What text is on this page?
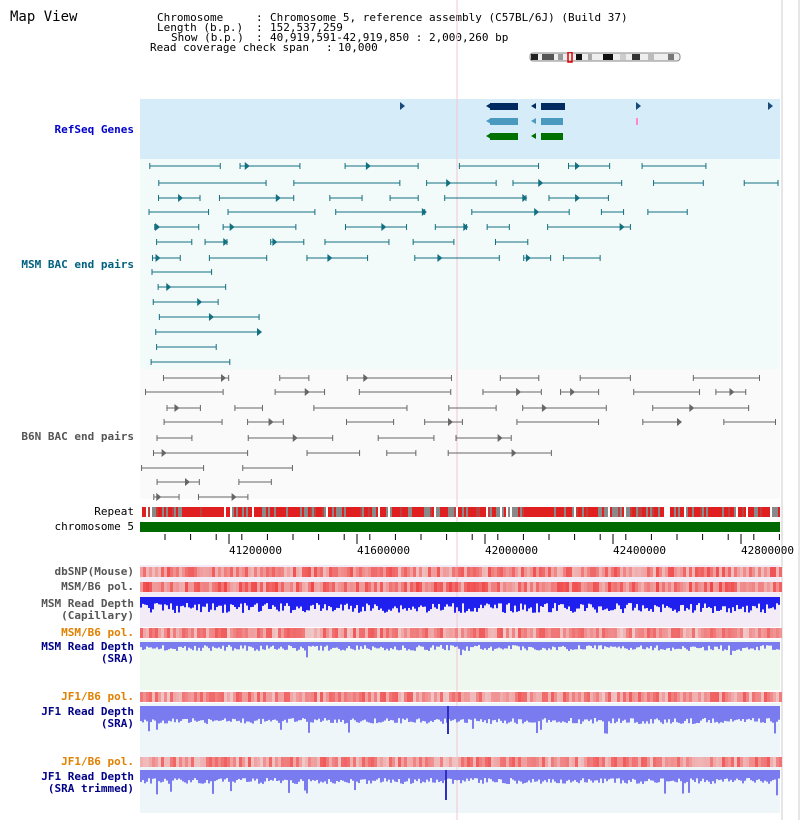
Map View	Chromosome	: Chromosome 5, reference assembly (C57BL/6J) (Build 37)
Length (b.p.) : 152,537,259
Show (b.p.) : 40,919,591-42,919,850 : 2,000,260 bp
Read coverage check span : 10,000
RefSeq Genes
MSM BAC end pairs
B6N BAC end pairs
Repeat
chromosome 5
dbSNP(Mouse)
MSM/B6 pol.
MSM Read Depth
(Capillary)
MSM/B6 pol.
MSM Read Depth
(SRA)
JF1/B6 pol.
JF1 Read Depth
(SRA)
JF1/B6 pol.
JF1 Read Depth
(SRA trimmed)
41200000	41600000	42000000	42400000	42800000
